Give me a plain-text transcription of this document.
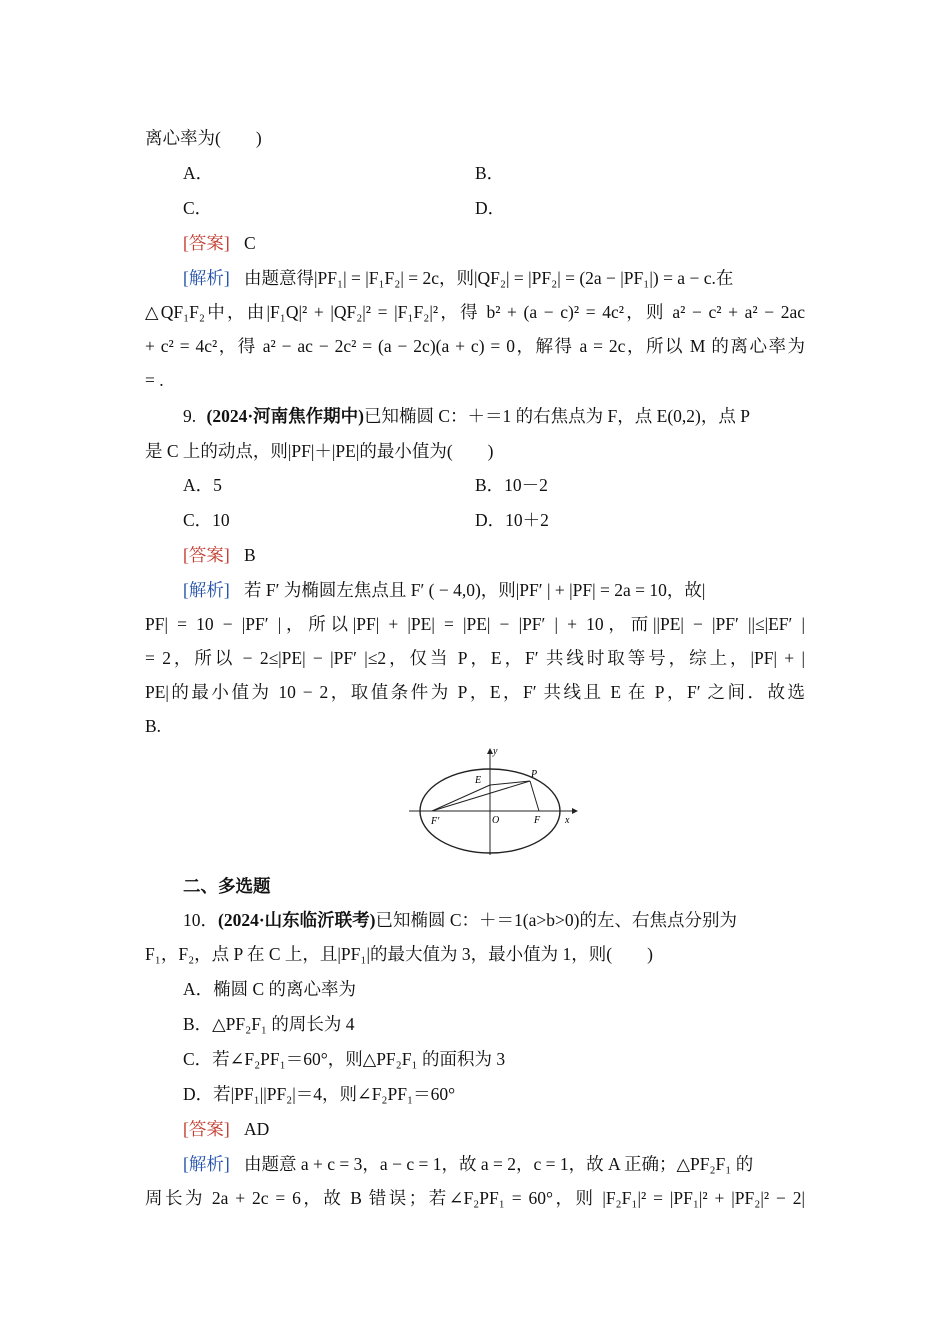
离心率为(　　)
A．	B．
C．	D．
[答案] C
[解析] 由题意得|PF₁| = |F₁F₂| = 2c，则|QF₂| = |PF₂| = (2a − |PF₁|) = a − c.在
△QF₁F₂中，由|F₁Q|² + |QF₂|² = |F₁F₂|²，得 b² + (a − c)² = 4c²，则 a² − c² + a² − 2ac
+ c² = 4c²，得 a² − ac − 2c² = (a − 2c)(a + c) = 0，解得 a = 2c，所以 M 的离心率为
= .
9. (2024·河南焦作期中)已知椭圆 C：＋＝1 的右焦点为 F，点 E(0,2)，点 P
是 C 上的动点，则|PF|＋|PE|的最小值为(　　)
A．5	B．10－2
C．10	D．10＋2
[答案] B
[解析] 若 F′ 为椭圆左焦点且 F′ ( − 4,0)，则|PF′ | + |PF| = 2a = 10，故|
PF| = 10 − |PF′ |，所以|PF| + |PE| = |PE| − |PF′ | + 10，而||PE| − |PF′ ||≤|EF′ |
= 2，所以 − 2≤|PE| − |PF′ |≤2，仅当 P，E，F′ 共线时取等号，综上，|PF| + |
PE|的最小值为 10 − 2，取值条件为 P，E，F′ 共线且 E 在 P，F′ 之间．故选
B.
y
x
O
E
P
F
F′
二、多选题
10．(2024·山东临沂联考)已知椭圆 C：＋＝1(a>b>0)的左、右焦点分别为
F₁，F₂，点 P 在 C 上，且|PF₁|的最大值为 3，最小值为 1，则(　　)
A．椭圆 C 的离心率为
B．△PF₂F₁ 的周长为 4
C．若∠F₂PF₁＝60°，则△PF₂F₁ 的面积为 3
D．若|PF₁||PF₂|＝4，则∠F₂PF₁＝60°
[答案] AD
[解析] 由题意 a + c = 3，a − c = 1，故 a = 2，c = 1，故 A 正确；△PF₂F₁ 的
周长为 2a + 2c = 6，故 B 错误；若∠F₂PF₁ = 60°，则 |F₂F₁|² = |PF₁|² + |PF₂|² − 2|
